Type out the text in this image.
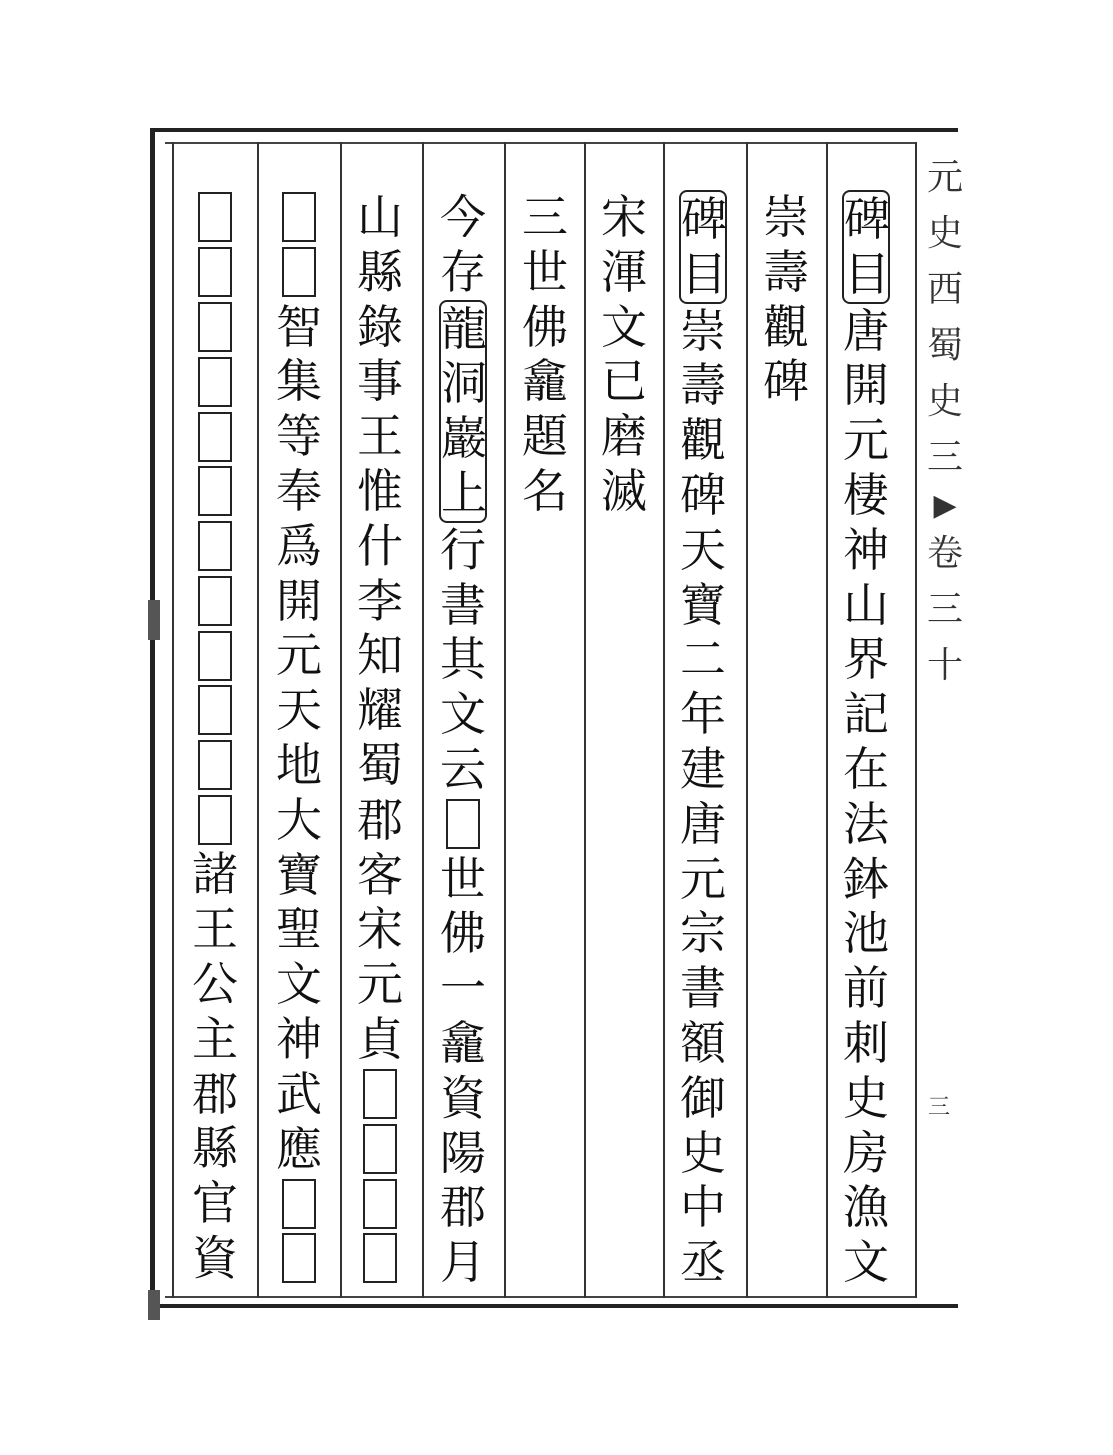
碑
目
唐
開
元
棲
神
山
界
記
在
法
鉢
池
前
刺
史
房
漁
文
崇
壽
觀
碑
碑
目
崇
壽
觀
碑
天
寶
二
年
建
唐
元
宗
書
額
御
史
中
丞
宋
渾
文
已
磨
滅
三
世
佛
龕
題
名
今
存
龍
洞
巖
上
行
書
其
文
云
世
佛
一
龕
資
陽
郡
月
山
縣
錄
事
王
惟
什
李
知
耀
蜀
郡
客
宋
元
貞
智
集
等
奉
爲
開
元
天
地
大
寶
聖
文
神
武
應
諸
王
公
主
郡
縣
官
資
元
史
西
蜀
史
三
▶
卷
三
十
三
